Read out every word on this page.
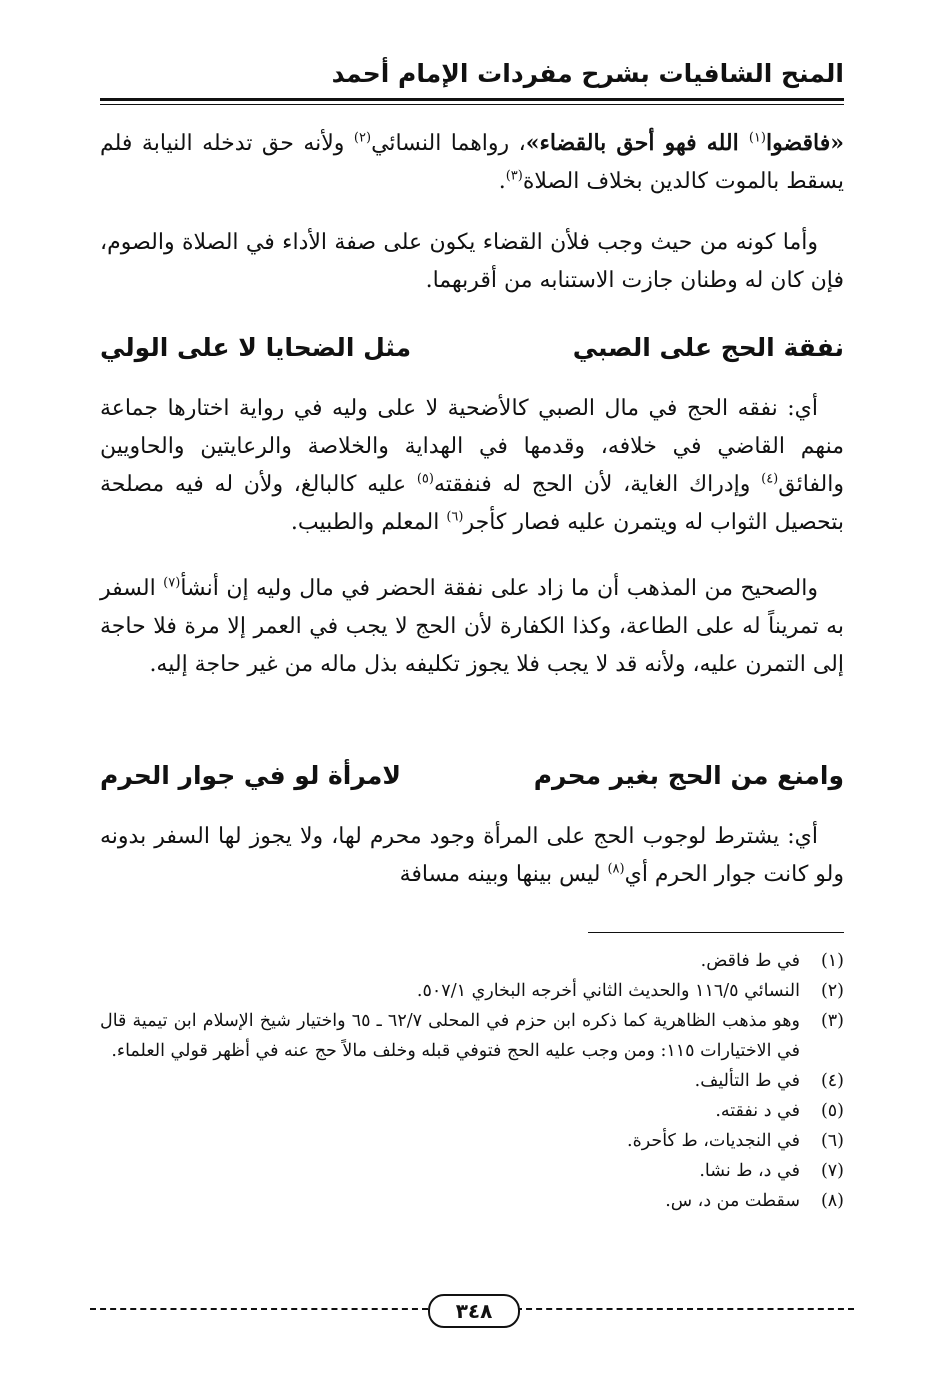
المنح الشافيات بشرح مفردات الإمام أحمد
«فاقضوا$^{(١)}$ الله فهو أحق بالقضاء»، رواهما النسائي$^{(٢)}$ ولأنه حق تدخله النيابة فلم يسقط بالموت كالدين بخلاف الصلاة$^{(٣)}$.
وأما كونه من حيث وجب فلأن القضاء يكون على صفة الأداء في الصلاة والصوم، فإن كان له وطنان جازت الاستنابه من أقربهما.
نفقة الحج على الصبي
مثل الضحايا لا على الولي
أي: نفقه الحج في مال الصبي كالأضحية لا على وليه في رواية اختارها جماعة منهم القاضي في خلافه، وقدمها في الهداية والخلاصة والرعايتين والحاويين والفائق$^{(٤)}$ وإدراك الغاية، لأن الحج له فنفقته$^{(٥)}$ عليه كالبالغ، ولأن له فيه مصلحة بتحصيل الثواب له ويتمرن عليه فصار كأجر$^{(٦)}$ المعلم والطبيب.
والصحيح من المذهب أن ما زاد على نفقة الحضر في مال وليه إن أنشأ$^{(٧)}$ السفر به تمريناً له على الطاعة، وكذا الكفارة لأن الحج لا يجب في العمر إلا مرة فلا حاجة إلى التمرن عليه، ولأنه قد لا يجب فلا يجوز تكليفه بذل ماله من غير حاجة إليه.
وامنع من الحج بغير محرم
لامرأة لو في جوار الحرم
أي: يشترط لوجوب الحج على المرأة وجود محرم لها، ولا يجوز لها السفر بدونه ولو كانت جوار الحرم أي$^{(٨)}$ ليس بينها وبينه مسافة
(١)
في ط فاقض.
(٢)
النسائي ١١٦/٥ والحديث الثاني أخرجه البخاري ٥٠٧/١.
(٣)
وهو مذهب الظاهرية كما ذكره ابن حزم في المحلى ٦٢/٧ ـ ٦٥ واختيار شيخ الإسلام ابن تيمية قال في الاختيارات ١١٥: ومن وجب عليه الحج فتوفي قبله وخلف مالاً حج عنه في أظهر قولي العلماء.
(٤)
في ط التأليف.
(٥)
في د نفقته.
(٦)
في النجديات، ط كأحرة.
(٧)
في د، ط نشا.
(٨)
سقطت من د، س.
٣٤٨
